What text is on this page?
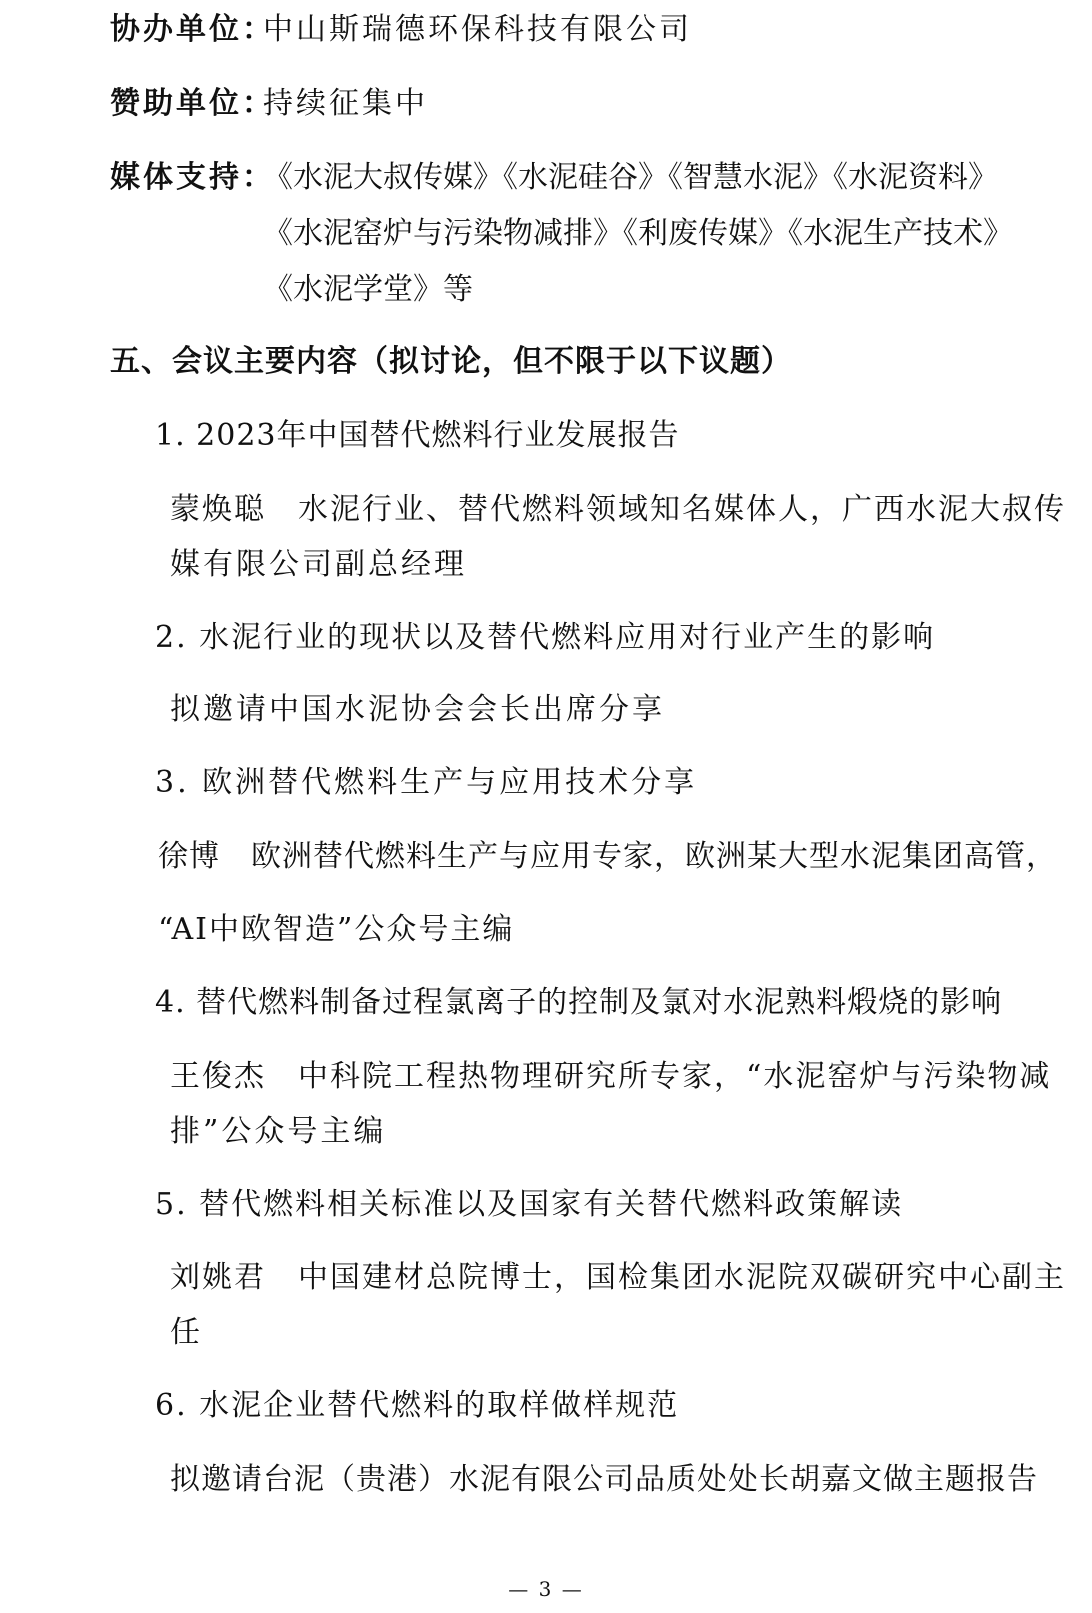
协办单位：
中山斯瑞德环保科技有限公司
赞助单位：
持续征集中
媒体支持：
《水泥大叔传媒》《水泥硅谷》《智慧水泥》《水泥资料》
《水泥窑炉与污染物减排》《利废传媒》《水泥生产技术》
《水泥学堂》等
五、会议主要内容（拟讨论，但不限于以下议题）
1. 2023年中国替代燃料行业发展报告
蒙焕聪　水泥行业、替代燃料领域知名媒体人，广西水泥大叔传
媒有限公司副总经理
2. 水泥行业的现状以及替代燃料应用对行业产生的影响
拟邀请中国水泥协会会长出席分享
3. 欧洲替代燃料生产与应用技术分享
徐博　欧洲替代燃料生产与应用专家，欧洲某大型水泥集团高管，
“AI中欧智造”公众号主编
4. 替代燃料制备过程氯离子的控制及氯对水泥熟料煅烧的影响
王俊杰　中科院工程热物理研究所专家，“水泥窑炉与污染物减
排”公众号主编
5. 替代燃料相关标准以及国家有关替代燃料政策解读
刘姚君　中国建材总院博士，国检集团水泥院双碳研究中心副主
任
6. 水泥企业替代燃料的取样做样规范
拟邀请台泥（贵港）水泥有限公司品质处处长胡嘉文做主题报告
— 3 —
